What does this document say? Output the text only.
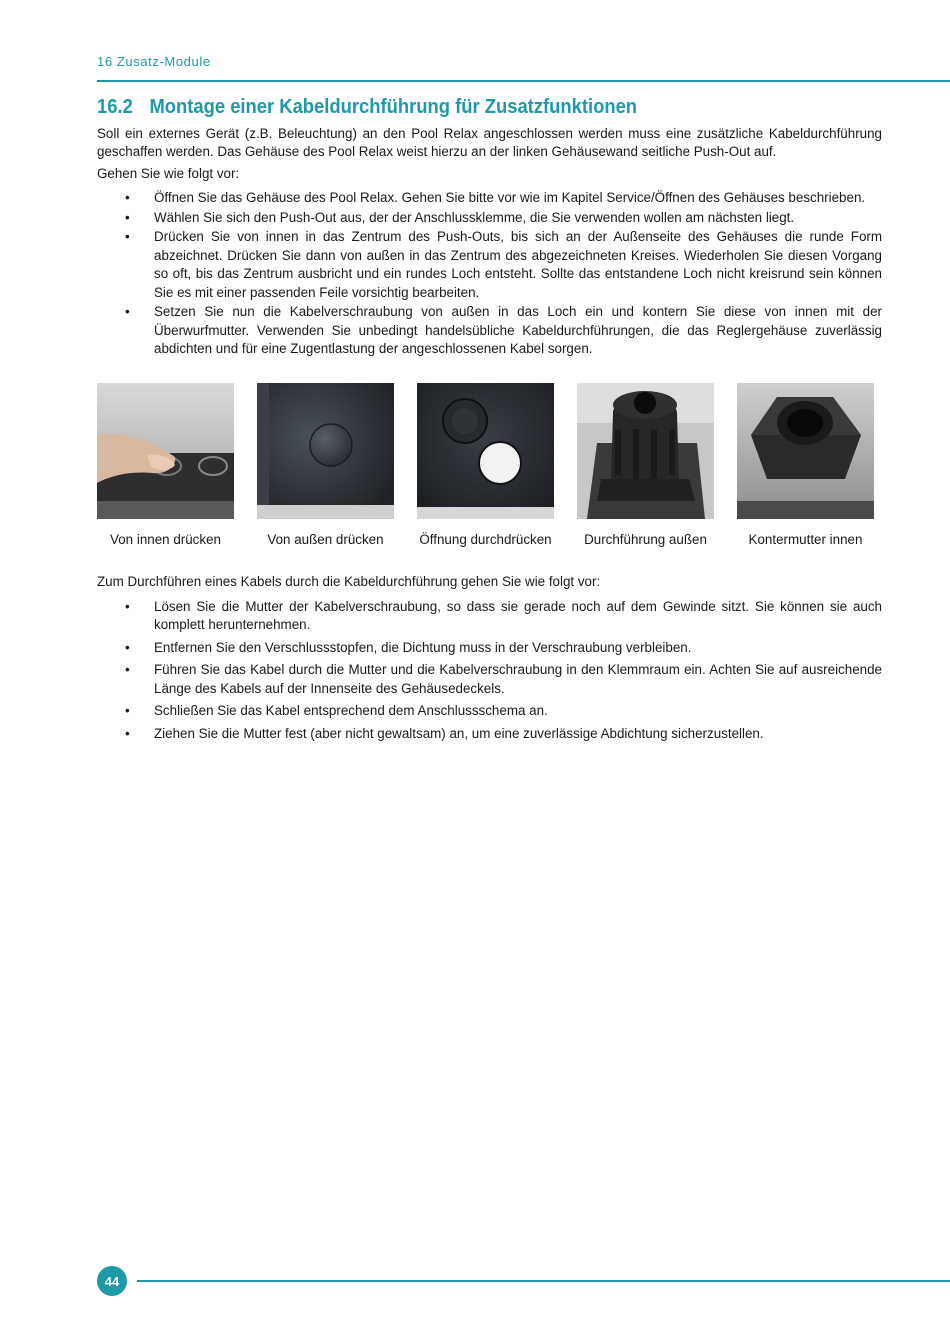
16 Zusatz-Module
16.2 Montage einer Kabeldurchführung für Zusatzfunktionen

Soll ein externes Gerät (z.B. Beleuchtung) an den Pool Relax angeschlossen werden muss eine zusätzliche Kabeldurchführung geschaffen werden. Das Gehäuse des Pool Relax weist hierzu an der linken Gehäusewand seitliche Push-Out auf.

Gehen Sie wie folgt vor:

• Öffnen Sie das Gehäuse des Pool Relax. Gehen Sie bitte vor wie im Kapitel Service/Öffnen des Gehäuses beschrieben.
• Wählen Sie sich den Push-Out aus, der der Anschlussklemme, die Sie verwenden wollen am nächsten liegt.
• Drücken Sie von innen in das Zentrum des Push-Outs, bis sich an der Außenseite des Gehäuses die runde Form abzeichnet. Drücken Sie dann von außen in das Zentrum des abgezeichneten Kreises. Wiederholen Sie diesen Vorgang so oft, bis das Zentrum ausbricht und ein rundes Loch entsteht. Sollte das entstandene Loch nicht kreisrund sein können Sie es mit einer passenden Feile vorsichtig bearbeiten.
• Setzen Sie nun die Kabelverschraubung von außen in das Loch ein und kontern Sie diese von innen mit der Überwurfmutter. Verwenden Sie unbedingt handelsübliche Kabeldurchführungen, die das Reglergehäuse zuverlässig abdichten und für eine Zugentlastung der angeschlossenen Kabel sorgen.
Von innen drücken	Von außen drücken	Öffnung durchdrücken Durchführung außen	Kontermutter innen

Zum Durchführen eines Kabels durch die Kabeldurchführung gehen Sie wie folgt vor:

• Lösen Sie die Mutter der Kabelverschraubung, so dass sie gerade noch auf dem Gewinde sitzt. Sie können sie auch komplett herunternehmen.
• Entfernen Sie den Verschlussstopfen, die Dichtung muss in der Verschraubung verbleiben.
• Führen Sie das Kabel durch die Mutter und die Kabelverschraubung in den Klemmraum ein. Achten Sie auf ausreichende Länge des Kabels auf der Innenseite des Gehäusedeckels.
• Schließen Sie das Kabel entsprechend dem Anschlussschema an.
• Ziehen Sie die Mutter fest (aber nicht gewaltsam) an, um eine zuverlässige Abdichtung sicherzustellen.
44
